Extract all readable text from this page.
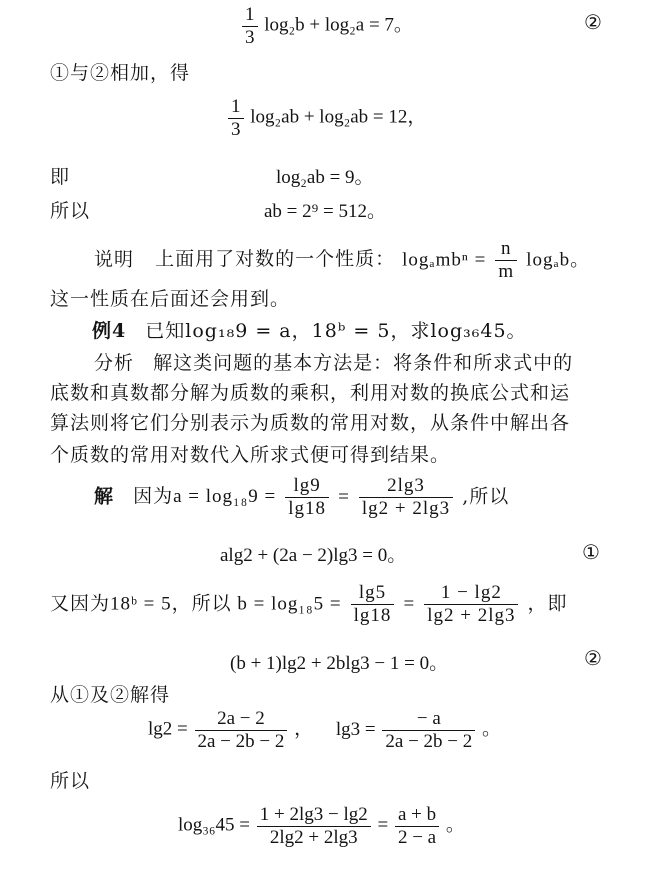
$\frac{1}{3} \log_2b + \log_2a = 7$。	②
①与②相加，得
$\frac{1}{3} \log_2ab + \log_2ab = 12$，
即	log₂ab = 9。
所以	ab = 2⁹ = 512。
说明 上面用了对数的一个性质： $\log_amb^n = \frac{n}{m}$ logₐb。
这一性质在后面还会用到。
例4 已知log₁₈9 = a，18ᵇ = 5，求log₃₆45。
分析 解这类问题的基本方法是：将条件和所求式中的
底数和真数都分解为质数的乘积，利用对数的换底公式和运
算法则将它们分别表示为质数的常用对数，从条件中解出各
个质数的常用对数代入所求式便可得到结果。
解 因为$a = \log_{18}9 = \frac{\lg 9}{\lg 18} = \frac{2\lg 3}{\lg 2 + 2\lg 3}$ ,所以
alg2 + (2a − 2)lg3 = 0。	①
又因为18ᵇ = 5，所以 $b = \log_{18}5 = \frac{\lg 5}{\lg 18} = \frac{1 - \lg 2}{\lg 2 + 2\lg 3}$ ，即
(b + 1)lg2 + 2blg3 − 1 = 0。	②
从①及②解得
$\lg 2 = \frac{2a - 2}{2a - 2b - 2}$ ， $\lg 3 = \frac{- a}{2a - 2b - 2}$ 。
所以
$\log_{36}45 = \frac{1 + 2\lg 3 - \lg 2}{2\lg 2 + 2\lg 3} = \frac{a + b}{2 - a}$ 。
